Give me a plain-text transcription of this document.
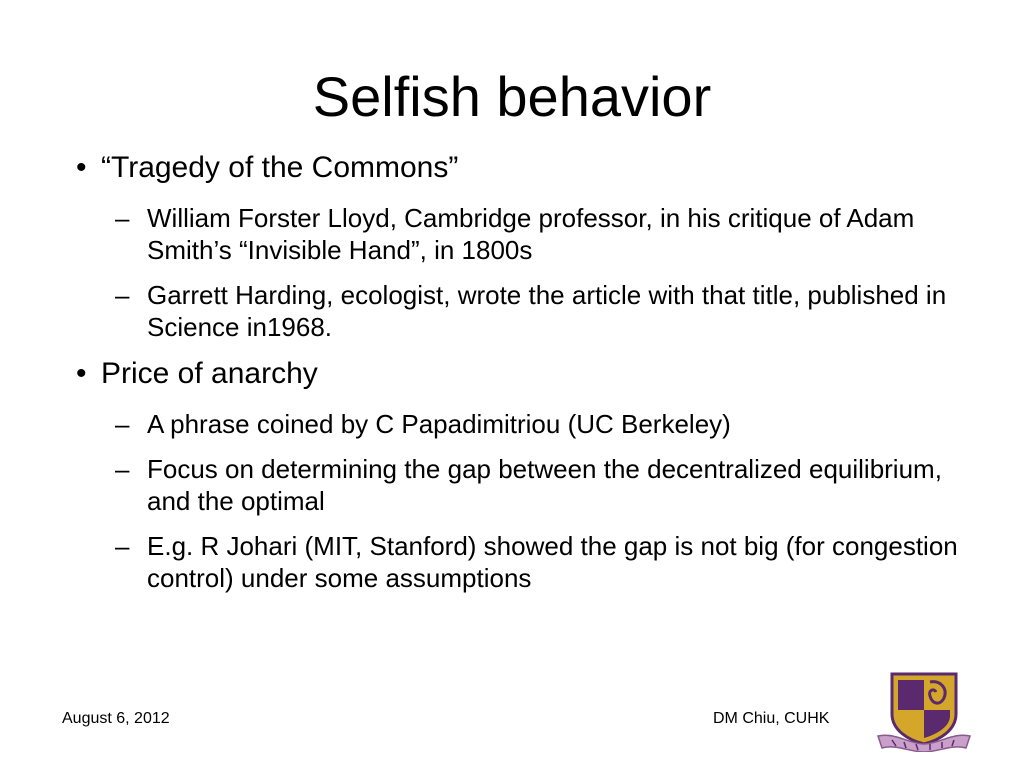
Selfish behavior
• “Tragedy of the Commons”
– William Forster Lloyd, Cambridge professor, in his critique of Adam Smith’s “Invisible Hand”, in 1800s
– Garrett Harding, ecologist, wrote the article with that title, published in Science in1968.
• Price of anarchy
– A phrase coined by C Papadimitriou (UC Berkeley)
– Focus on determining the gap between the decentralized equilibrium, and the optimal
– E.g. R Johari (MIT, Stanford) showed the gap is not big (for congestion control) under some assumptions
August 6, 2012	DM Chiu, CUHK
